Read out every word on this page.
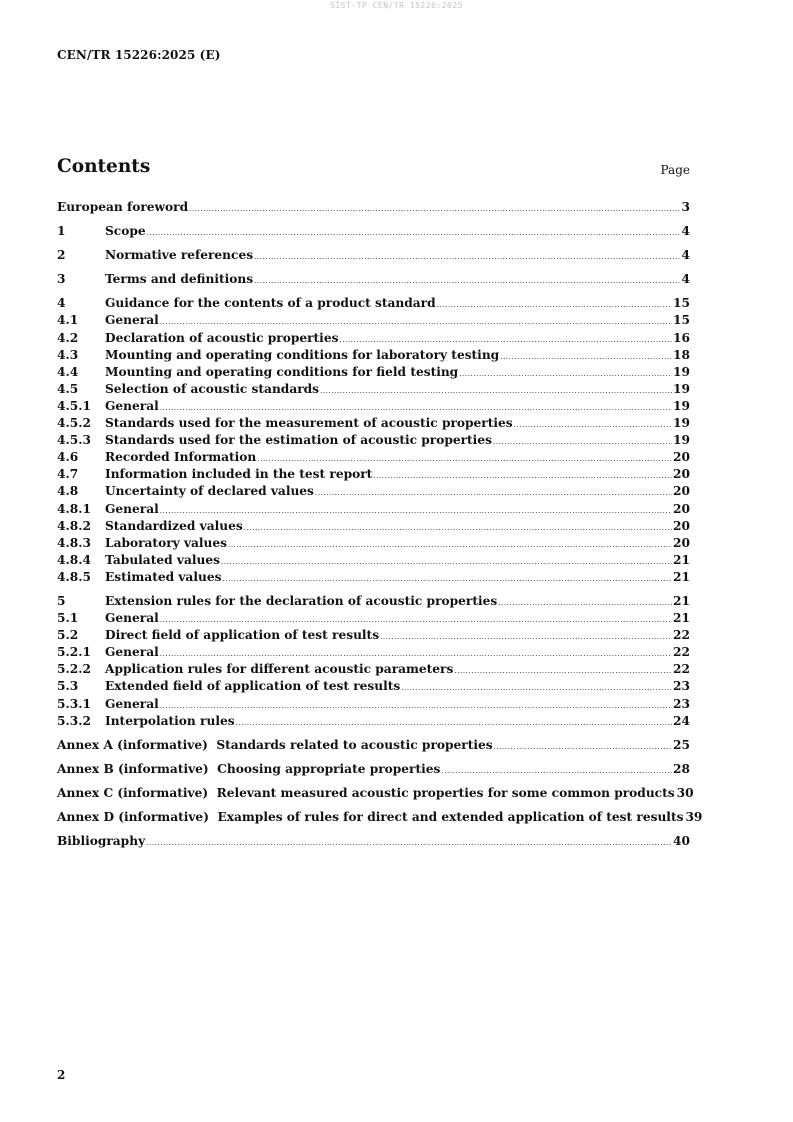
SIST-TP CEN/TR 15226:2025
CEN/TR 15226:2025 (E)
Contents	Page
European foreword .....	3
1	Scope .....	4
2	Normative references .....	4
3	Terms and definitions .....	4
4	Guidance for the contents of a product standard .....	15
4.1	General .....	15
4.2	Declaration of acoustic properties .....	16
4.3	Mounting and operating conditions for laboratory testing .....	18
4.4	Mounting and operating conditions for field testing .....	19
4.5	Selection of acoustic standards .....	19
4.5.1	General .....	19
4.5.2	Standards used for the measurement of acoustic properties .....	19
4.5.3	Standards used for the estimation of acoustic properties .....	19
4.6	Recorded Information .....	20
4.7	Information included in the test report .....	20
4.8	Uncertainty of declared values .....	20
4.8.1	General .....	20
4.8.2	Standardized values .....	20
4.8.3	Laboratory values .....	20
4.8.4	Tabulated values .....	21
4.8.5	Estimated values .....	21
5	Extension rules for the declaration of acoustic properties .....	21
5.1	General .....	21
5.2	Direct field of application of test results .....	22
5.2.1	General .....	22
5.2.2	Application rules for different acoustic parameters .....	22
5.3	Extended field of application of test results .....	23
5.3.1	General .....	23
5.3.2	Interpolation rules .....	24
Annex A (informative)  Standards related to acoustic properties .....	25
Annex B (informative)  Choosing appropriate properties .....	28
Annex C (informative)  Relevant measured acoustic properties for some common products 30
Annex D (informative)  Examples of rules for direct and extended application of test results 39
Bibliography .....	40
2
